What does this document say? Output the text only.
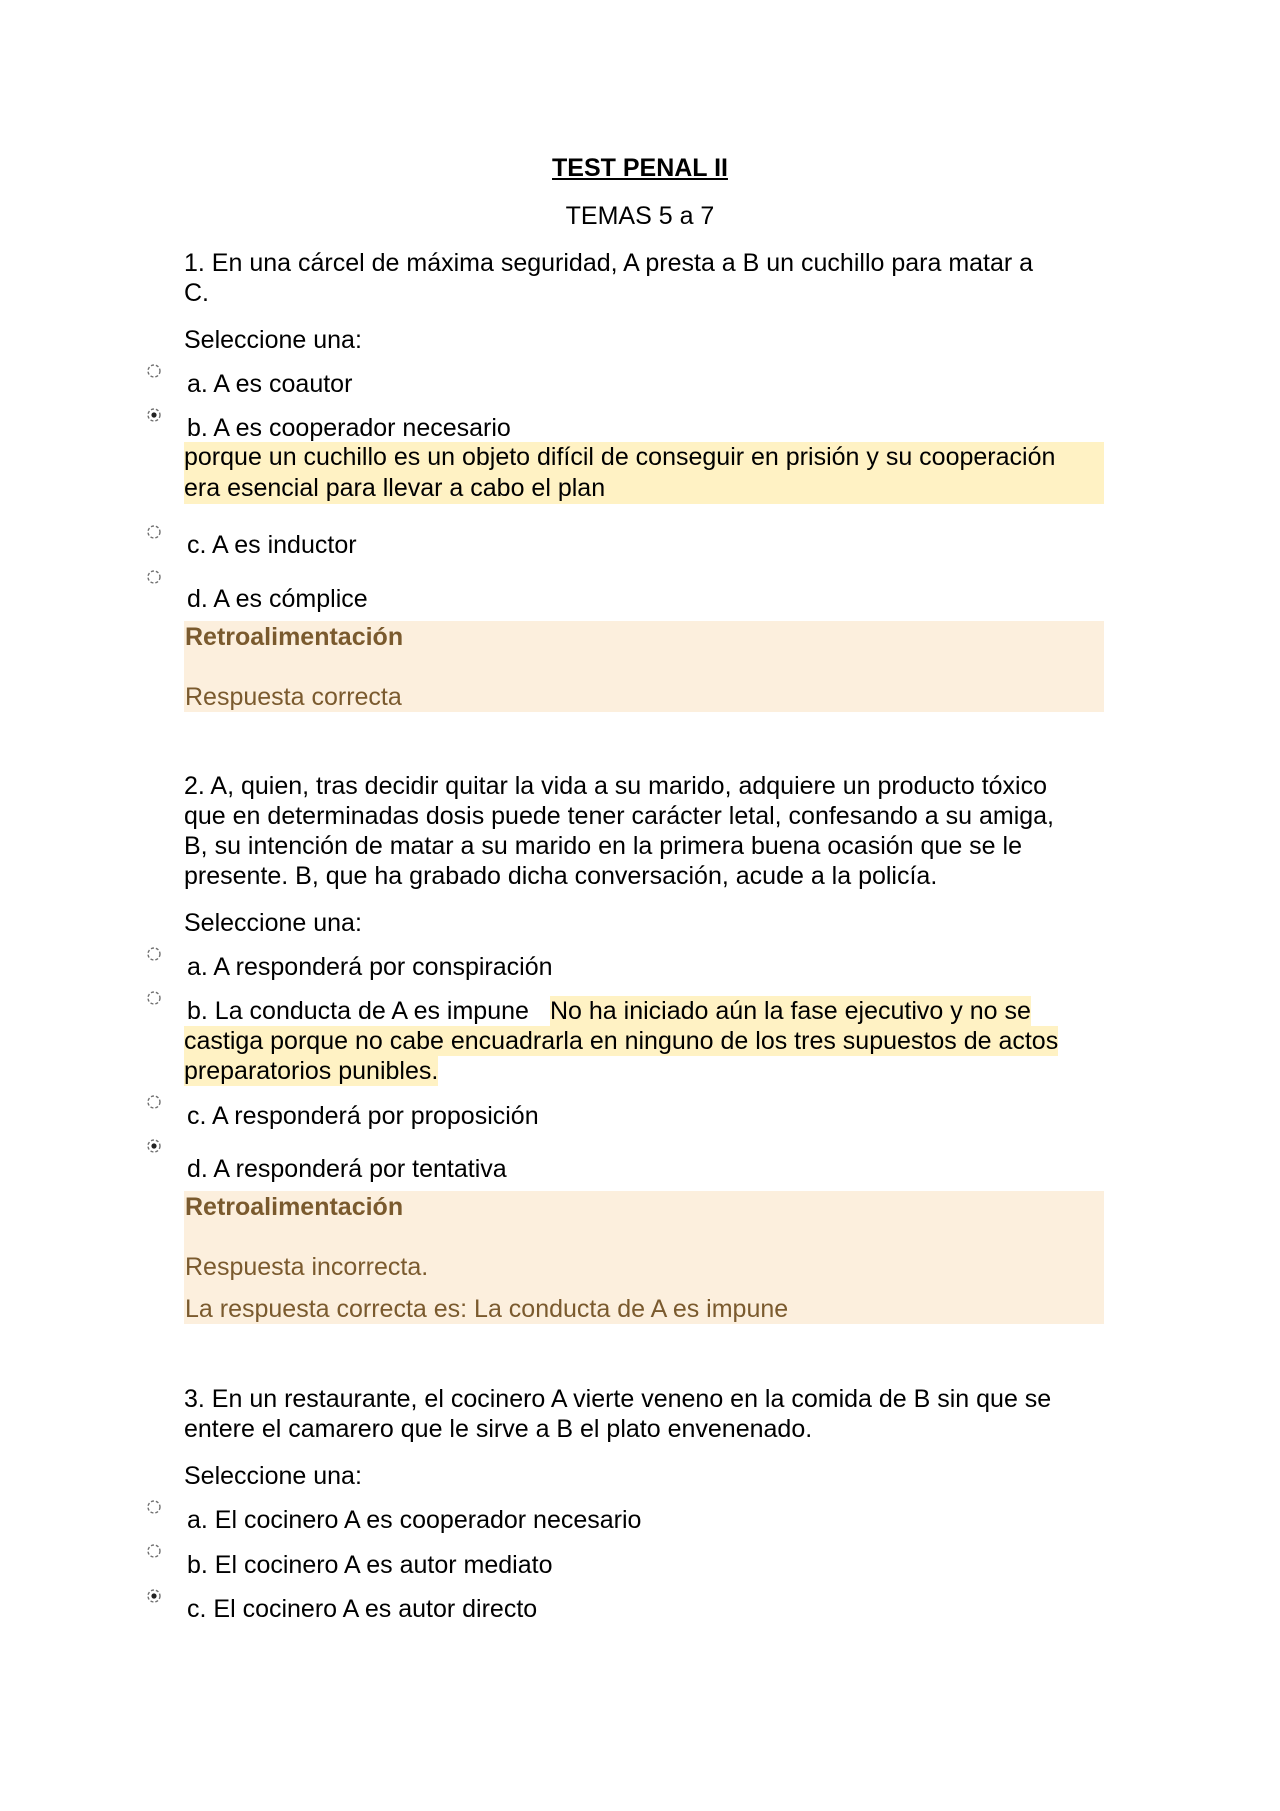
TEST PENAL II
TEMAS 5 a 7
1. En una cárcel de máxima seguridad, A presta a B un cuchillo para matar a
C.
Seleccione una:
a. A es coautor
b. A es cooperador necesario
porque un cuchillo es un objeto difícil de conseguir en prisión y su cooperación
era esencial para llevar a cabo el plan
c. A es inductor
d. A es cómplice
Retroalimentación
Respuesta correcta
2. A, quien, tras decidir quitar la vida a su marido, adquiere un producto tóxico
que en determinadas dosis puede tener carácter letal, confesando a su amiga,
B, su intención de matar a su marido en la primera buena ocasión que se le
presente. B, que ha grabado dicha conversación, acude a la policía.
Seleccione una:
a. A responderá por conspiración
b. La conducta de A es impune No ha iniciado aún la fase ejecutivo y no se
castiga porque no cabe encuadrarla en ninguno de los tres supuestos de actos
preparatorios punibles.
c. A responderá por proposición
d. A responderá por tentativa
Retroalimentación
Respuesta incorrecta.
La respuesta correcta es: La conducta de A es impune
3. En un restaurante, el cocinero A vierte veneno en la comida de B sin que se
entere el camarero que le sirve a B el plato envenenado.
Seleccione una:
a. El cocinero A es cooperador necesario
b. El cocinero A es autor mediato
c. El cocinero A es autor directo
